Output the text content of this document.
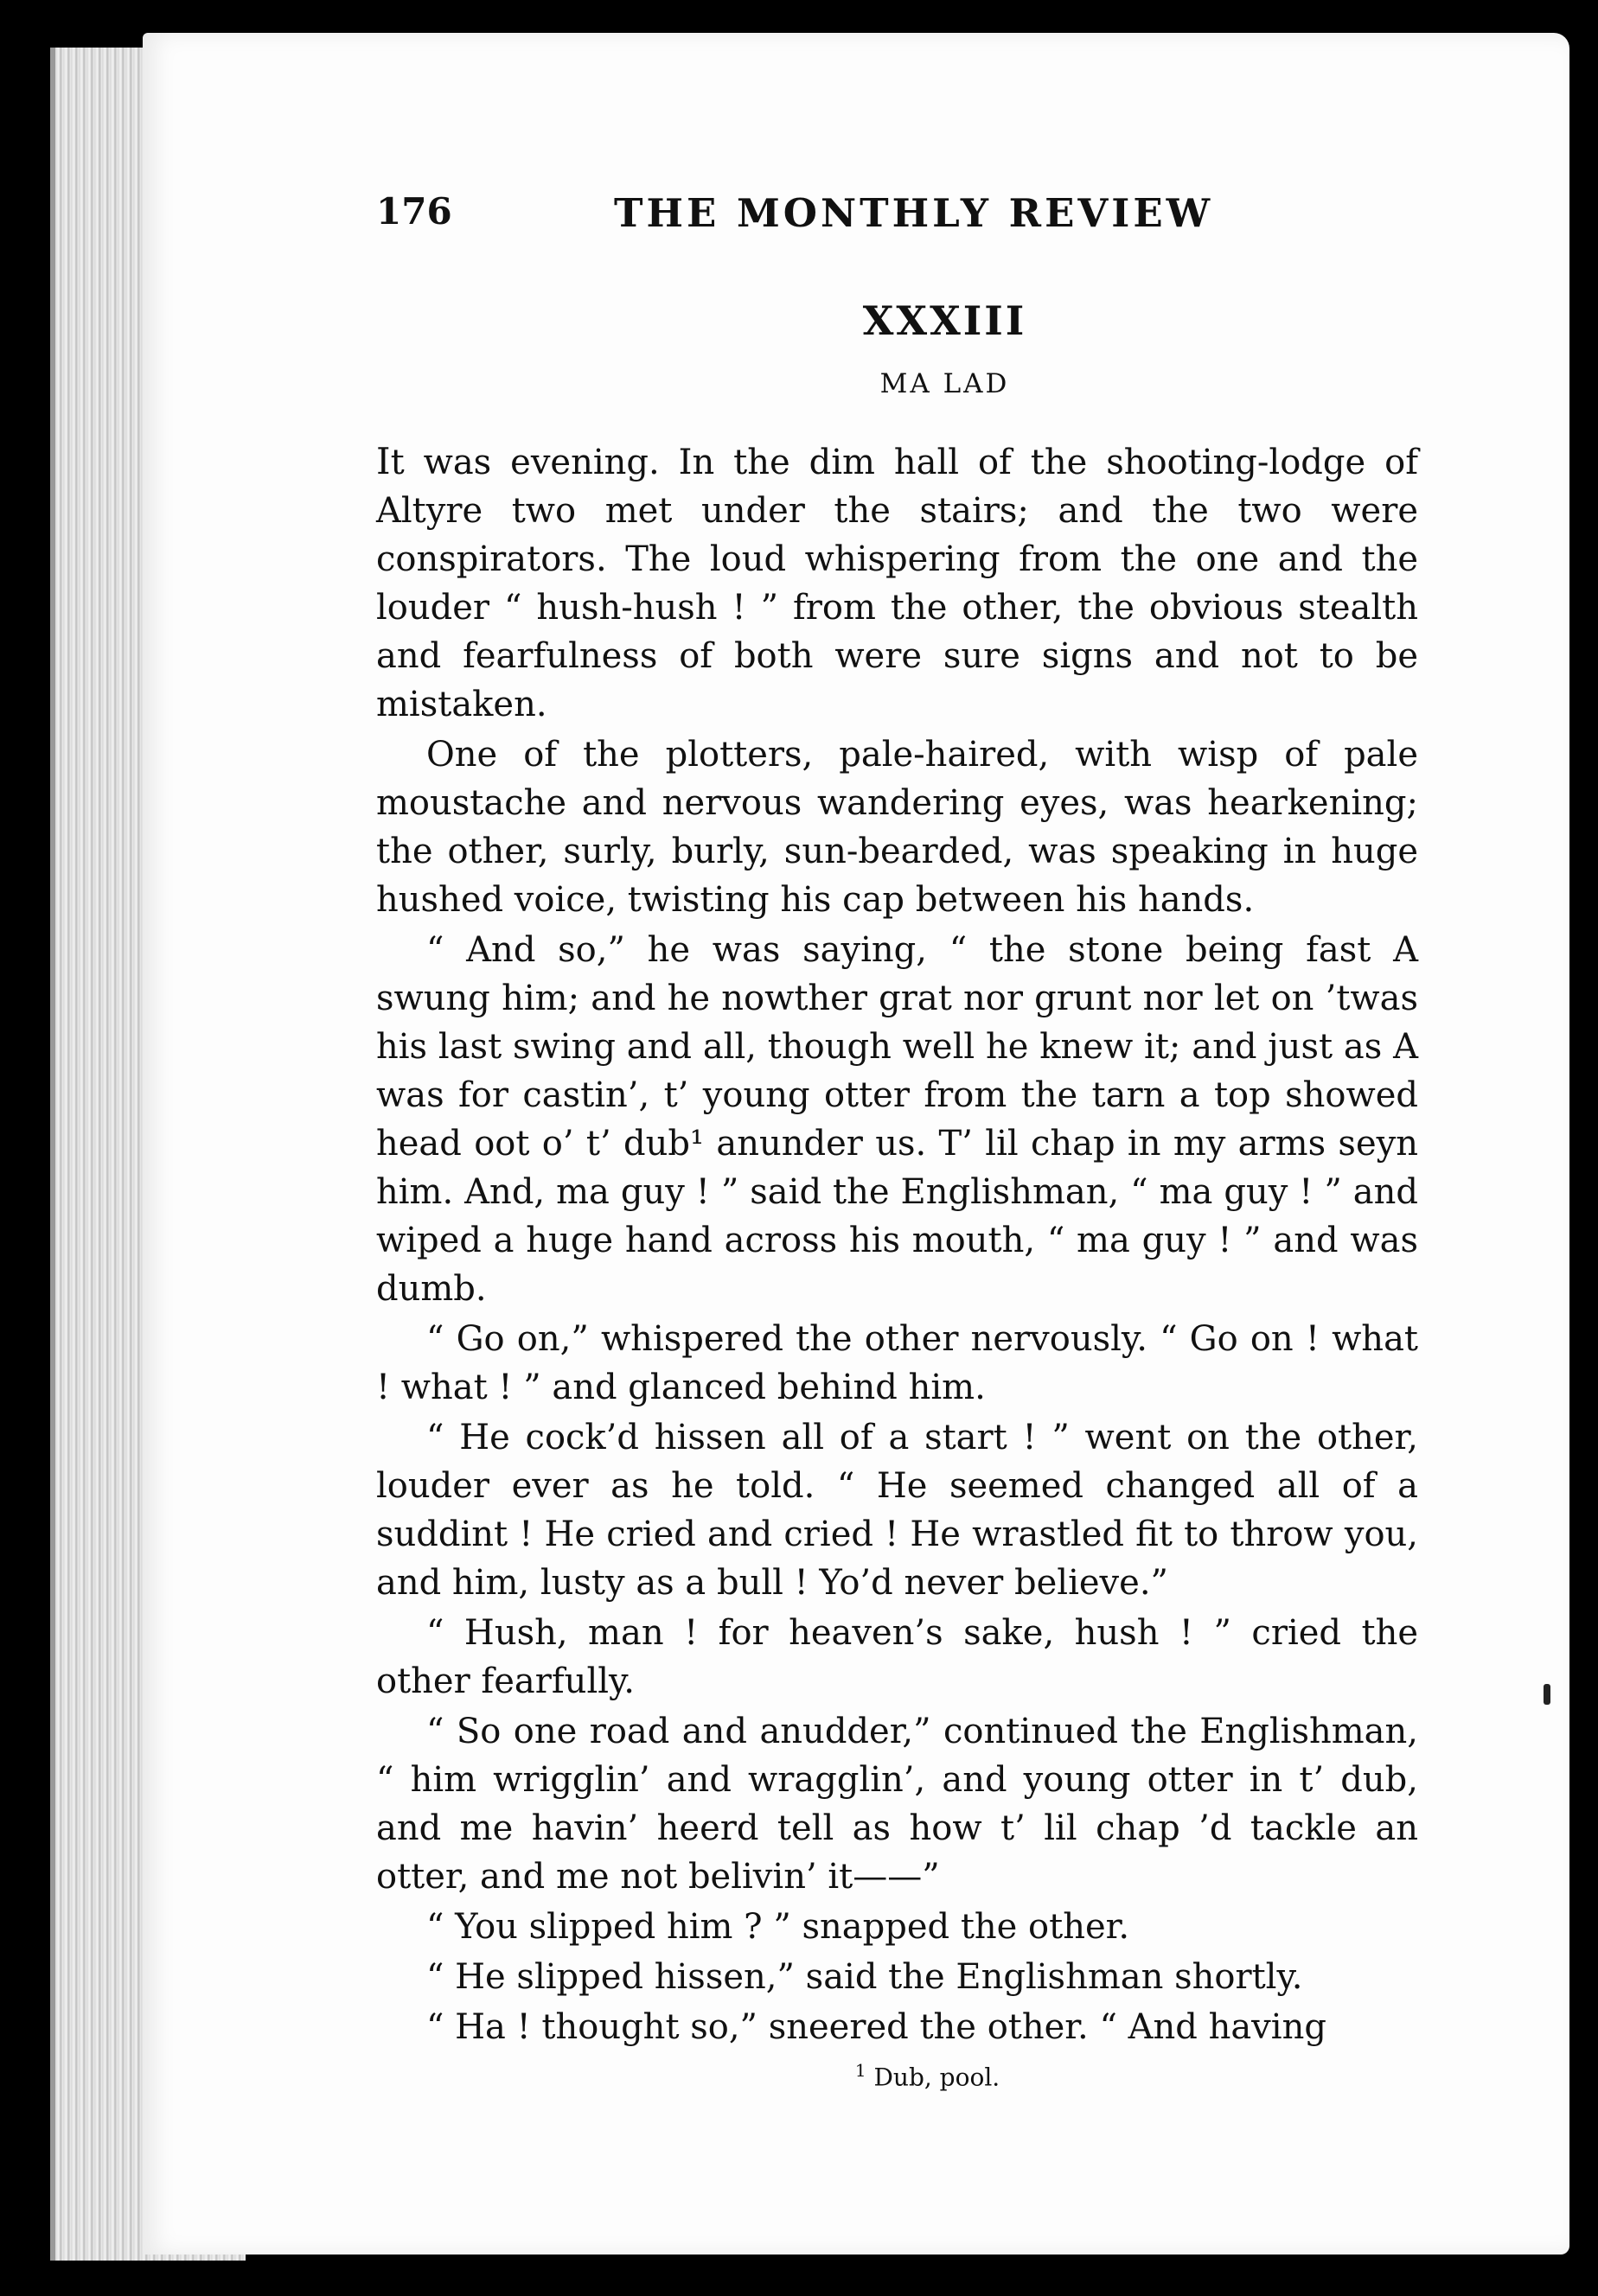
176	THE MONTHLY REVIEW
XXXIII
MA LAD

It was evening. In the dim hall of the shooting-lodge of Altyre two met under the stairs; and the two were conspirators. The loud whispering from the one and the louder “ hush-hush ! ” from the other, the obvious stealth and fearfulness of both were sure signs and not to be mistaken.

One of the plotters, pale-haired, with wisp of pale moustache and nervous wandering eyes, was hearkening; the other, surly, burly, sun-bearded, was speaking in huge hushed voice, twisting his cap between his hands.

“ And so,” he was saying, “ the stone being fast A swung him; and he nowther grat nor grunt nor let on ’twas his last swing and all, though well he knew it; and just as A was for castin’, t’ young otter from the tarn a top showed head oot o’ t’ dub¹ anunder us. T’ lil chap in my arms seyn him. And, ma guy ! ” said the Englishman, “ ma guy ! ” and wiped a huge hand across his mouth, “ ma guy ! ” and was dumb.

“ Go on,” whispered the other nervously. “ Go on ! what ! what ! ” and glanced behind him.

“ He cock’d hissen all of a start ! ” went on the other, louder ever as he told. “ He seemed changed all of a suddint ! He cried and cried ! He wrastled fit to throw you, and him, lusty as a bull ! Yo’d never believe.”

“ Hush, man ! for heaven’s sake, hush ! ” cried the other fearfully.

“ So one road and anudder,” continued the Englishman, “ him wrigglin’ and wragglin’, and young otter in t’ dub, and me havin’ heerd tell as how t’ lil chap ’d tackle an otter, and me not belivin’ it——”

“ You slipped him ? ” snapped the other.

“ He slipped hissen,” said the Englishman shortly.

“ Ha ! thought so,” sneered the other. “ And having

$^1$ Dub, pool.
